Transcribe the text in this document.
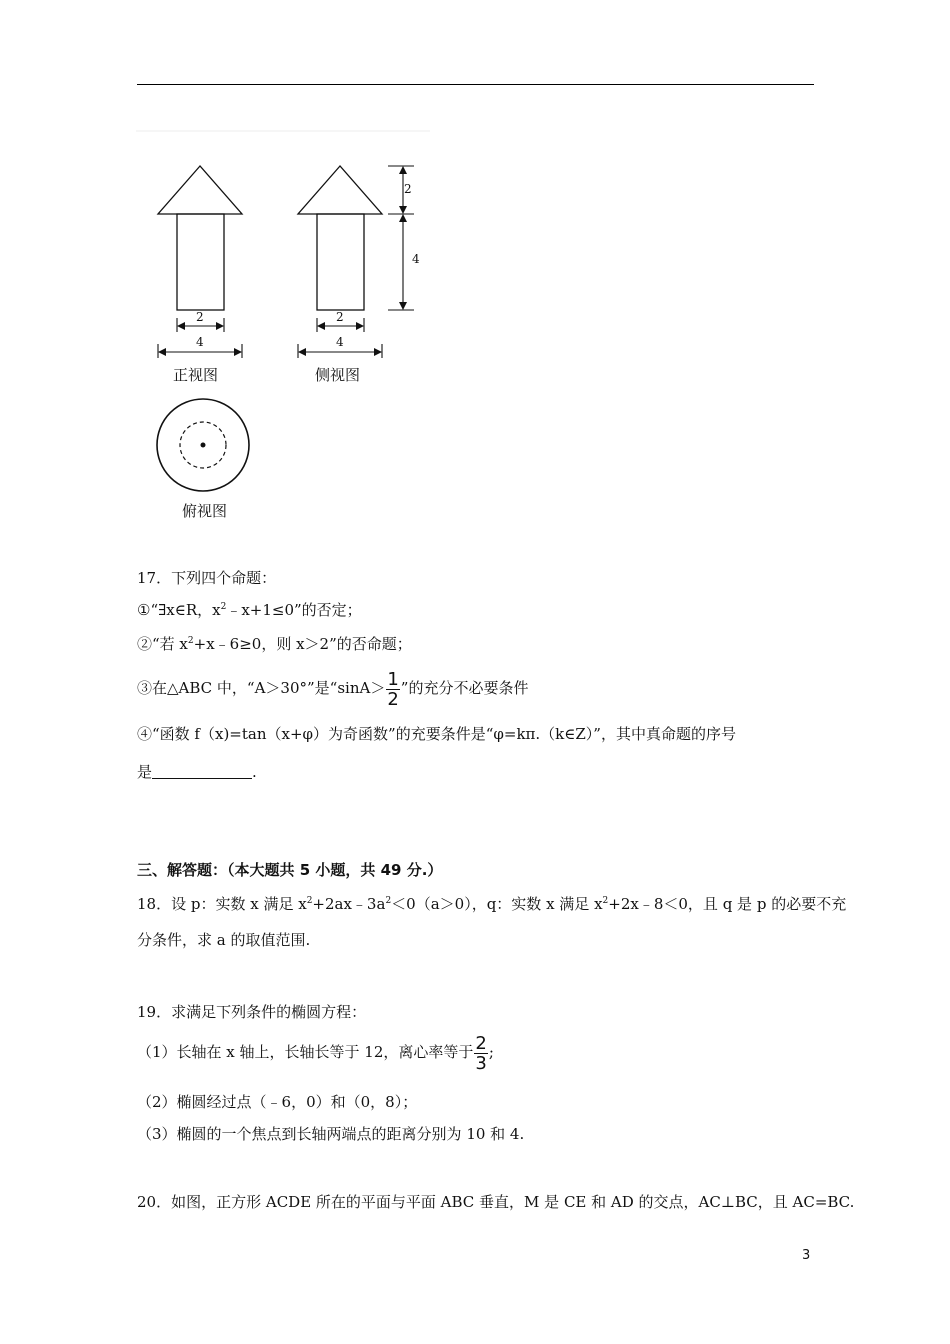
2
4
2
4
2
4
正视图	侧视图
俯视图
17．下列四个命题：
①“∃x∈R，$x^2﹣x+1\le 0$”的否定；
②“若 $x^2+x﹣6\ge 0$，则 x＞2”的否命题；
③在△ABC 中，“A＞30°”是“$\sin A> \frac{1}{2}$ ”的充分不必要条件
④“函数 f（x)=tan（x+φ）为奇函数”的充要条件是“φ=kπ.（k∈Z）”，其中真命题的序号
是	.
三、解答题：（本大题共 5 小题，共 49 分.）
18．设 p：实数 x 满足 $x^2+2ax﹣3a^2<0(a>0)$，q：实数 x 满足 $x^2+2x﹣8<0$，且 q 是 p 的必要不充
分条件，求 a 的取值范围.
19．求满足下列条件的椭圆方程：
（1）长轴在 x 轴上，长轴长等于 12，离心率等于 $\frac{2}{3}$ ;
（2）椭圆经过点（﹣6，0）和（0，8）；
（3）椭圆的一个焦点到长轴两端点的距离分别为 10 和 4.
20．如图，正方形 ACDE 所在的平面与平面 ABC 垂直，M 是 CE 和 AD 的交点，AC⊥BC，且 AC=BC.
3
